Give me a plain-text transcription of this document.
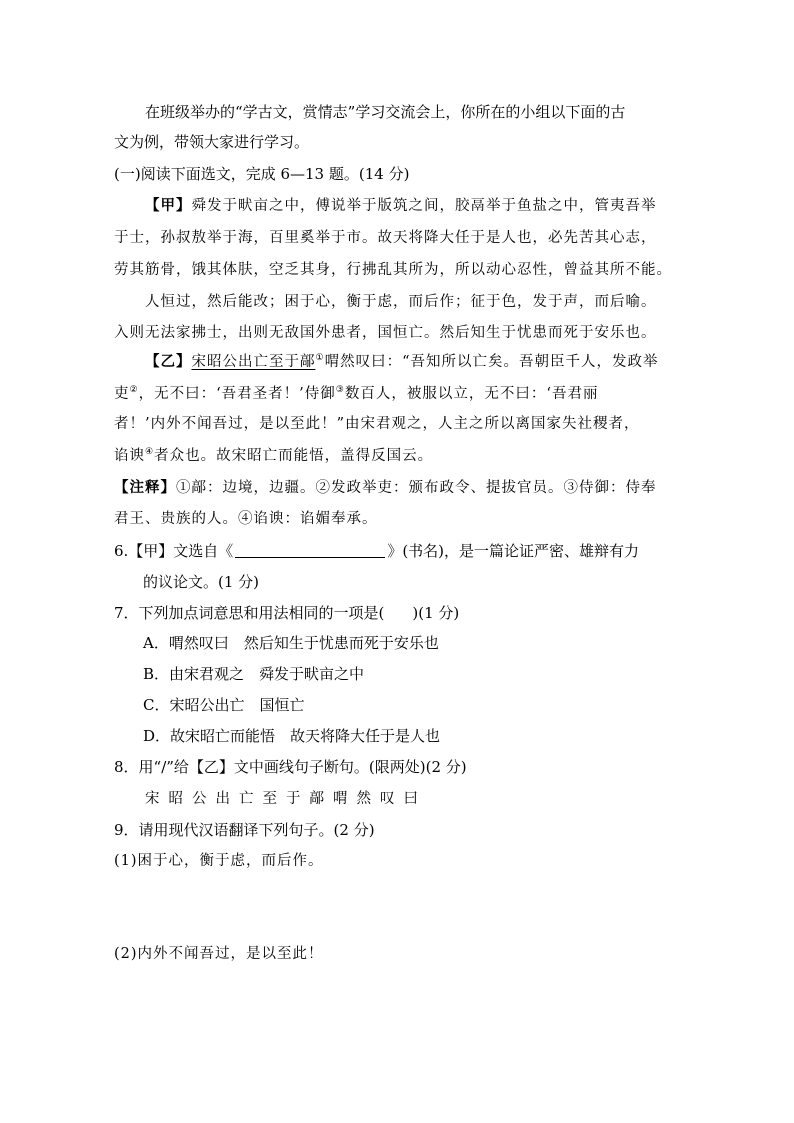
在班级举办的“学古文，赏情志”学习交流会上，你所在的小组以下面的古
文为例，带领大家进行学习。
(一)阅读下面选文，完成 6—13 题。(14 分)
【甲】舜发于畎亩之中，傅说举于版筑之间，胶鬲举于鱼盐之中，管夷吾举
于士，孙叔敖举于海，百里奚举于市。故天将降大任于是人也，必先苦其心志，
劳其筋骨，饿其体肤，空乏其身，行拂乱其所为，所以动心忍性，曾益其所不能。
人恒过，然后能改；困于心，衡于虑，而后作；征于色，发于声，而后喻。
入则无法家拂士，出则无敌国外患者，国恒亡。然后知生于忧患而死于安乐也。
【乙】宋昭公出亡至于鄗①喟然叹曰：“吾知所以亡矣。吾朝臣千人，发政举
吏②，无不曰：‘吾君圣者！’侍御③数百人，被服以立，无不曰：‘吾君丽
者！’内外不闻吾过，是以至此！”由宋君观之，人主之所以离国家失社稷者，
谄谀④者众也。故宋昭亡而能悟，盖得反国云。
【注释】①鄗：边境，边疆。②发政举吏：颁布政令、提拔官员。③侍御：侍奉
君王、贵族的人。④谄谀：谄媚奉承。
6.【甲】文选自《	》(书名)，是一篇论证严密、雄辩有力
的议论文。(1 分)
7．下列加点词意思和用法相同的一项是( )(1 分)
A．喟然叹曰　然后知生于忧患而死于安乐也
B．由宋君观之　舜发于畎亩之中
C．宋昭公出亡　国恒亡
D．故宋昭亡而能悟　故天将降大任于是人也
8．用“/”给【乙】文中画线句子断句。(限两处)(2 分)
宋昭公出亡至于鄗喟然叹曰
9．请用现代汉语翻译下列句子。(2 分)
(1)困于心，衡于虑，而后作。
(2)内外不闻吾过，是以至此！
